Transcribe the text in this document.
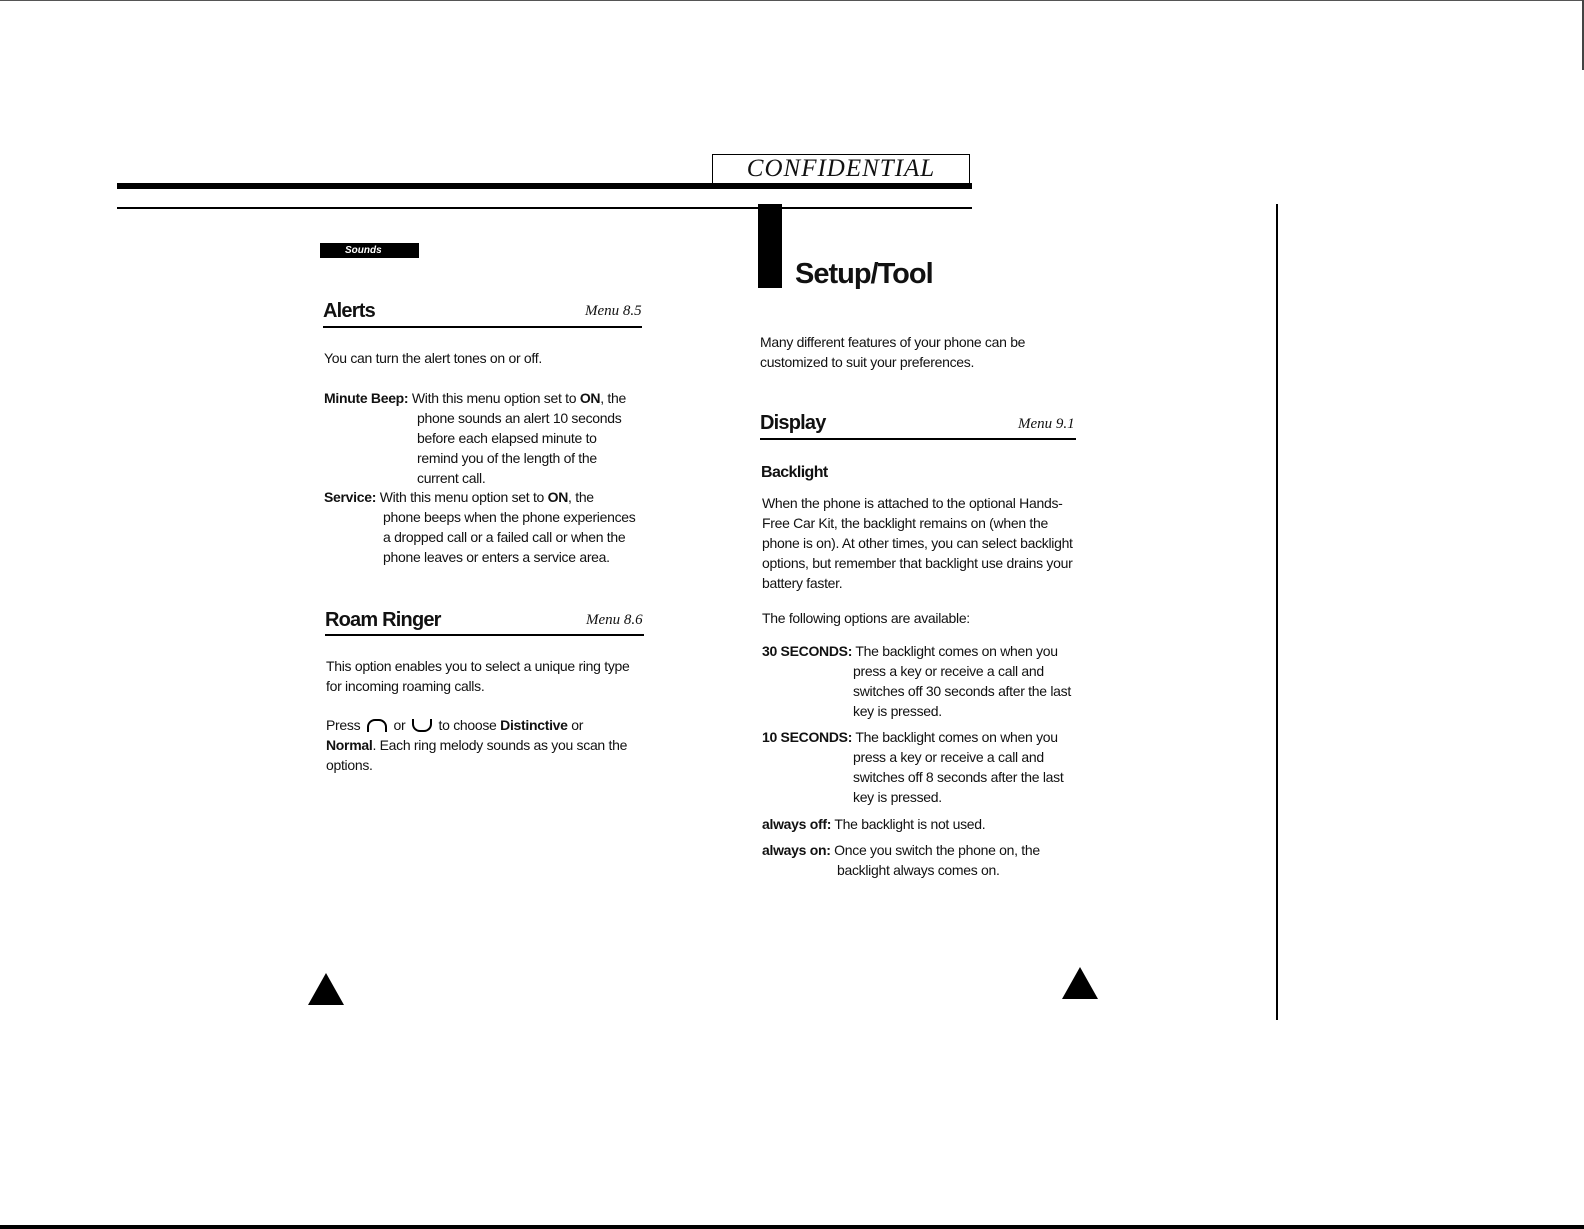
CONFIDENTIAL
Sounds
Alerts	Menu 8.5
You can turn the alert tones on or off.
Minute Beep: With this menu option set to ON, the
phone sounds an alert 10 seconds
before each elapsed minute to
remind you of the length of the
current call.
Service: With this menu option set to ON, the
phone beeps when the phone experiences
a dropped call or a failed call or when the
phone leaves or enters a service area.
Roam Ringer	Menu 8.6
This option enables you to select a unique ring type
for incoming roaming calls.
Press or to choose Distinctive or
Normal. Each ring melody sounds as you scan the
options.
Setup/Tool
Many different features of your phone can be
customized to suit your preferences.
Display	Menu 9.1
Backlight
When the phone is attached to the optional Hands-
Free Car Kit, the backlight remains on (when the
phone is on). At other times, you can select backlight
options, but remember that backlight use drains your
battery faster.
The following options are available:
30 SECONDS: The backlight comes on when you
press a key or receive a call and
switches off 30 seconds after the last
key is pressed.
10 SECONDS: The backlight comes on when you
press a key or receive a call and
switches off 8 seconds after the last
key is pressed.
always off: The backlight is not used.
always on: Once you switch the phone on, the
backlight always comes on.
